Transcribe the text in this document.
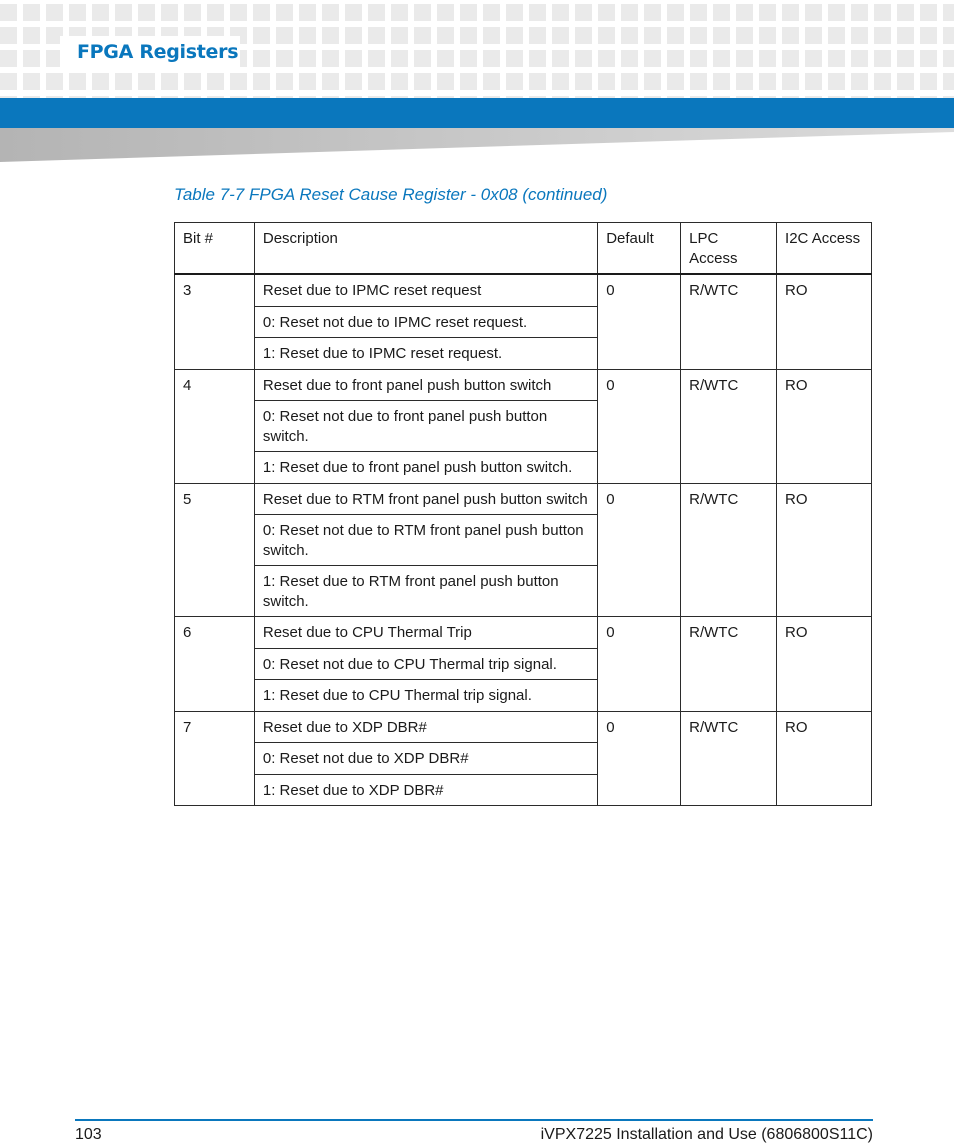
FPGA Registers
Table 7-7 FPGA Reset Cause Register - 0x08 (continued)
Bit #	Description	Default	LPC Access	I2C Access
3	Reset due to IPMC reset request	0	R/WTC	RO
	0: Reset not due to IPMC reset request.			
	1: Reset due to IPMC reset request.			
4	Reset due to front panel push button switch	0	R/WTC	RO
	0: Reset not due to front panel push button switch.			
	1: Reset due to front panel push button switch.			
5	Reset due to RTM front panel push button switch	0	R/WTC	RO
	0: Reset not due to RTM front panel push button switch.			
	1: Reset due to RTM front panel push button switch.			
6	Reset due to CPU Thermal Trip	0	R/WTC	RO
	0: Reset not due to CPU Thermal trip signal.			
	1: Reset due to CPU Thermal trip signal.			
7	Reset due to XDP DBR#	0	R/WTC	RO
	0: Reset not due to XDP DBR#			
	1: Reset due to XDP DBR#			
103	iVPX7225 Installation and Use (6806800S11C)
